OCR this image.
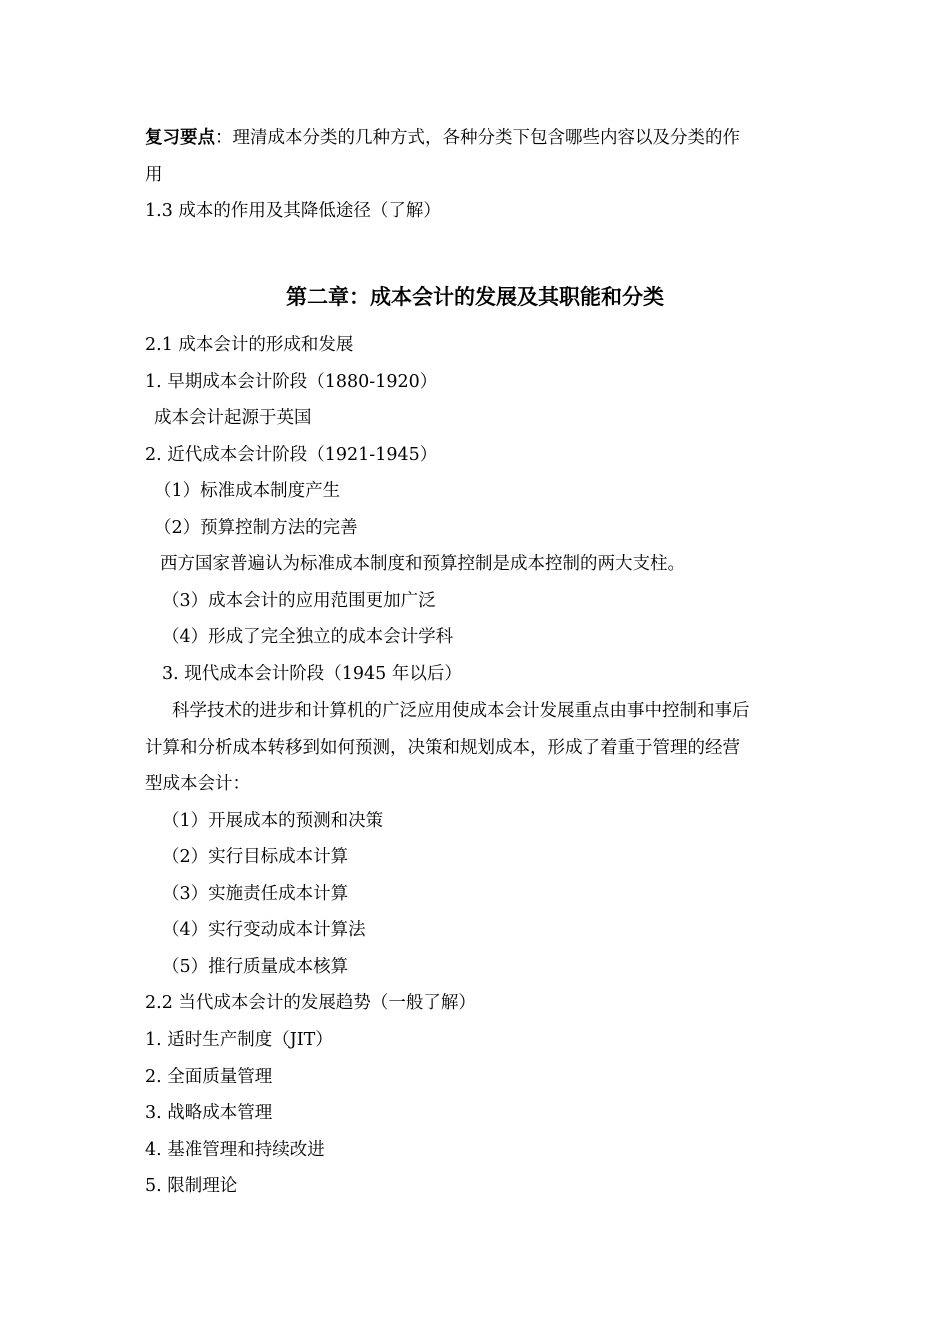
复习要点：理清成本分类的几种方式，各种分类下包含哪些内容以及分类的作
用
1.3 成本的作用及其降低途径（了解）
第二章：成本会计的发展及其职能和分类
2.1 成本会计的形成和发展
1. 早期成本会计阶段（1880-1920）
成本会计起源于英国
2. 近代成本会计阶段（1921-1945）
（1）标准成本制度产生
（2）预算控制方法的完善
西方国家普遍认为标准成本制度和预算控制是成本控制的两大支柱。
（3）成本会计的应用范围更加广泛
（4）形成了完全独立的成本会计学科
3. 现代成本会计阶段（1945 年以后）
科学技术的进步和计算机的广泛应用使成本会计发展重点由事中控制和事后
计算和分析成本转移到如何预测，决策和规划成本，形成了着重于管理的经营
型成本会计：
（1）开展成本的预测和决策
（2）实行目标成本计算
（3）实施责任成本计算
（4）实行变动成本计算法
（5）推行质量成本核算
2.2 当代成本会计的发展趋势（一般了解）
1. 适时生产制度（JIT）
2. 全面质量管理
3. 战略成本管理
4. 基准管理和持续改进
5. 限制理论
